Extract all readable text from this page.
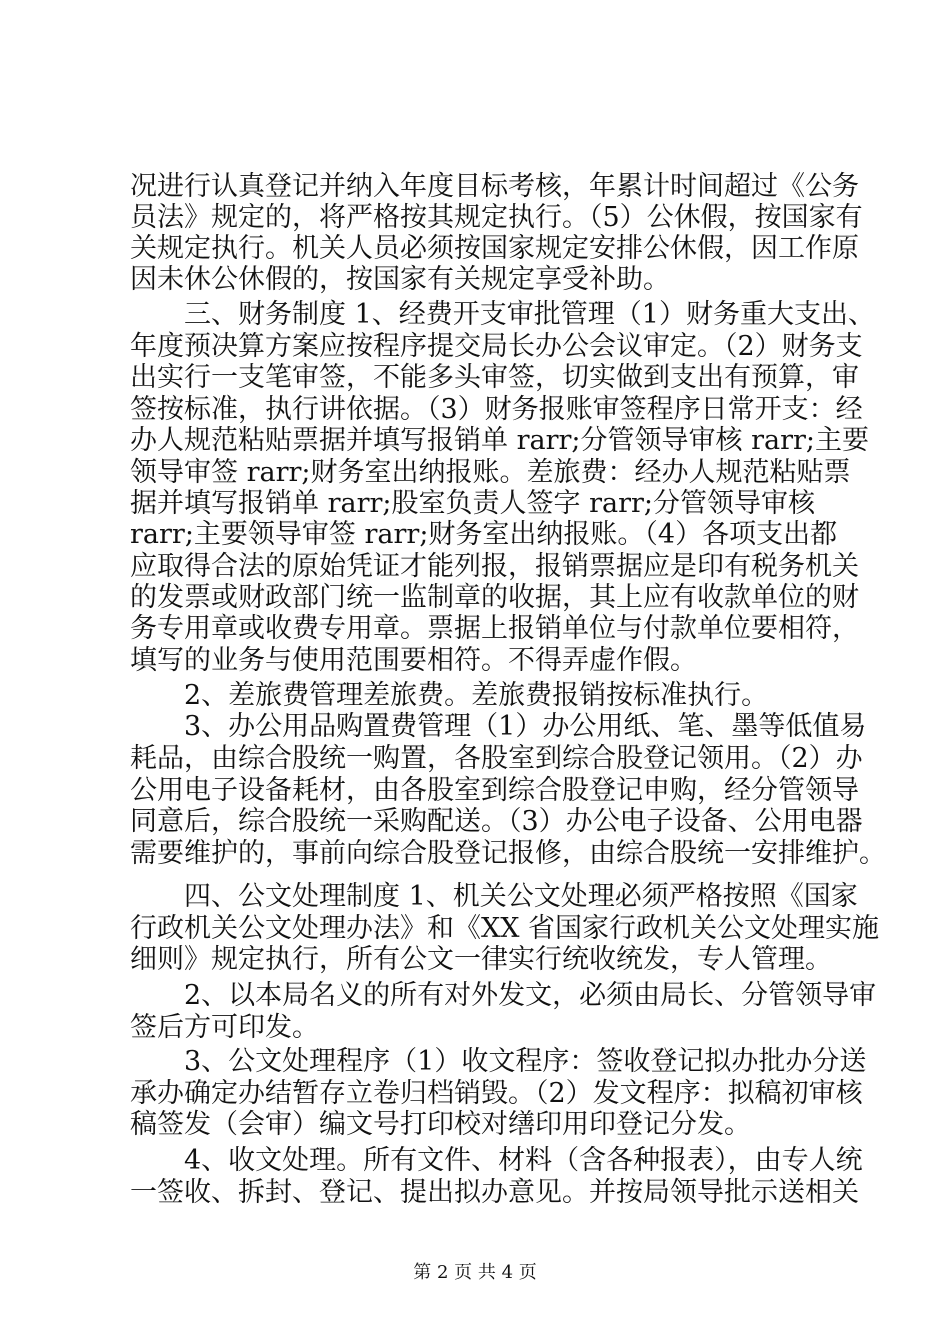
况进行认真登记并纳入年度目标考核，年累计时间超过《公务
员法》规定的，将严格按其规定执行。（5）公休假，按国家有
关规定执行。机关人员必须按国家规定安排公休假，因工作原
因未休公休假的，按国家有关规定享受补助。
　　三、财务制度 1、经费开支审批管理（1）财务重大支出、
年度预决算方案应按程序提交局长办公会议审定。（2）财务支
出实行一支笔审签，不能多头审签，切实做到支出有预算，审
签按标准，执行讲依据。（3）财务报账审签程序日常开支：经
办人规范粘贴票据并填写报销单 rarr;分管领导审核 rarr;主要
领导审签 rarr;财务室出纳报账。差旅费：经办人规范粘贴票
据并填写报销单 rarr;股室负责人签字 rarr;分管领导审核
rarr;主要领导审签 rarr;财务室出纳报账。（4）各项支出都
应取得合法的原始凭证才能列报，报销票据应是印有税务机关
的发票或财政部门统一监制章的收据，其上应有收款单位的财
务专用章或收费专用章。票据上报销单位与付款单位要相符，
填写的业务与使用范围要相符。不得弄虚作假。
　　2、差旅费管理差旅费。差旅费报销按标准执行。
　　3、办公用品购置费管理（1）办公用纸、笔、墨等低值易
耗品，由综合股统一购置，各股室到综合股登记领用。（2）办
公用电子设备耗材，由各股室到综合股登记申购，经分管领导
同意后，综合股统一采购配送。（3）办公电子设备、公用电器
需要维护的，事前向综合股登记报修，由综合股统一安排维护。
　　四、公文处理制度 1、机关公文处理必须严格按照《国家
行政机关公文处理办法》和《XX 省国家行政机关公文处理实施
细则》规定执行，所有公文一律实行统收统发，专人管理。
　　2、以本局名义的所有对外发文，必须由局长、分管领导审
签后方可印发。
　　3、公文处理程序（1）收文程序：签收登记拟办批办分送
承办确定办结暂存立卷归档销毁。（2）发文程序：拟稿初审核
稿签发（会审）编文号打印校对缮印用印登记分发。
　　4、收文处理。所有文件、材料（含各种报表），由专人统
一签收、拆封、登记、提出拟办意见。并按局领导批示送相关
第 2 页 共 4 页
